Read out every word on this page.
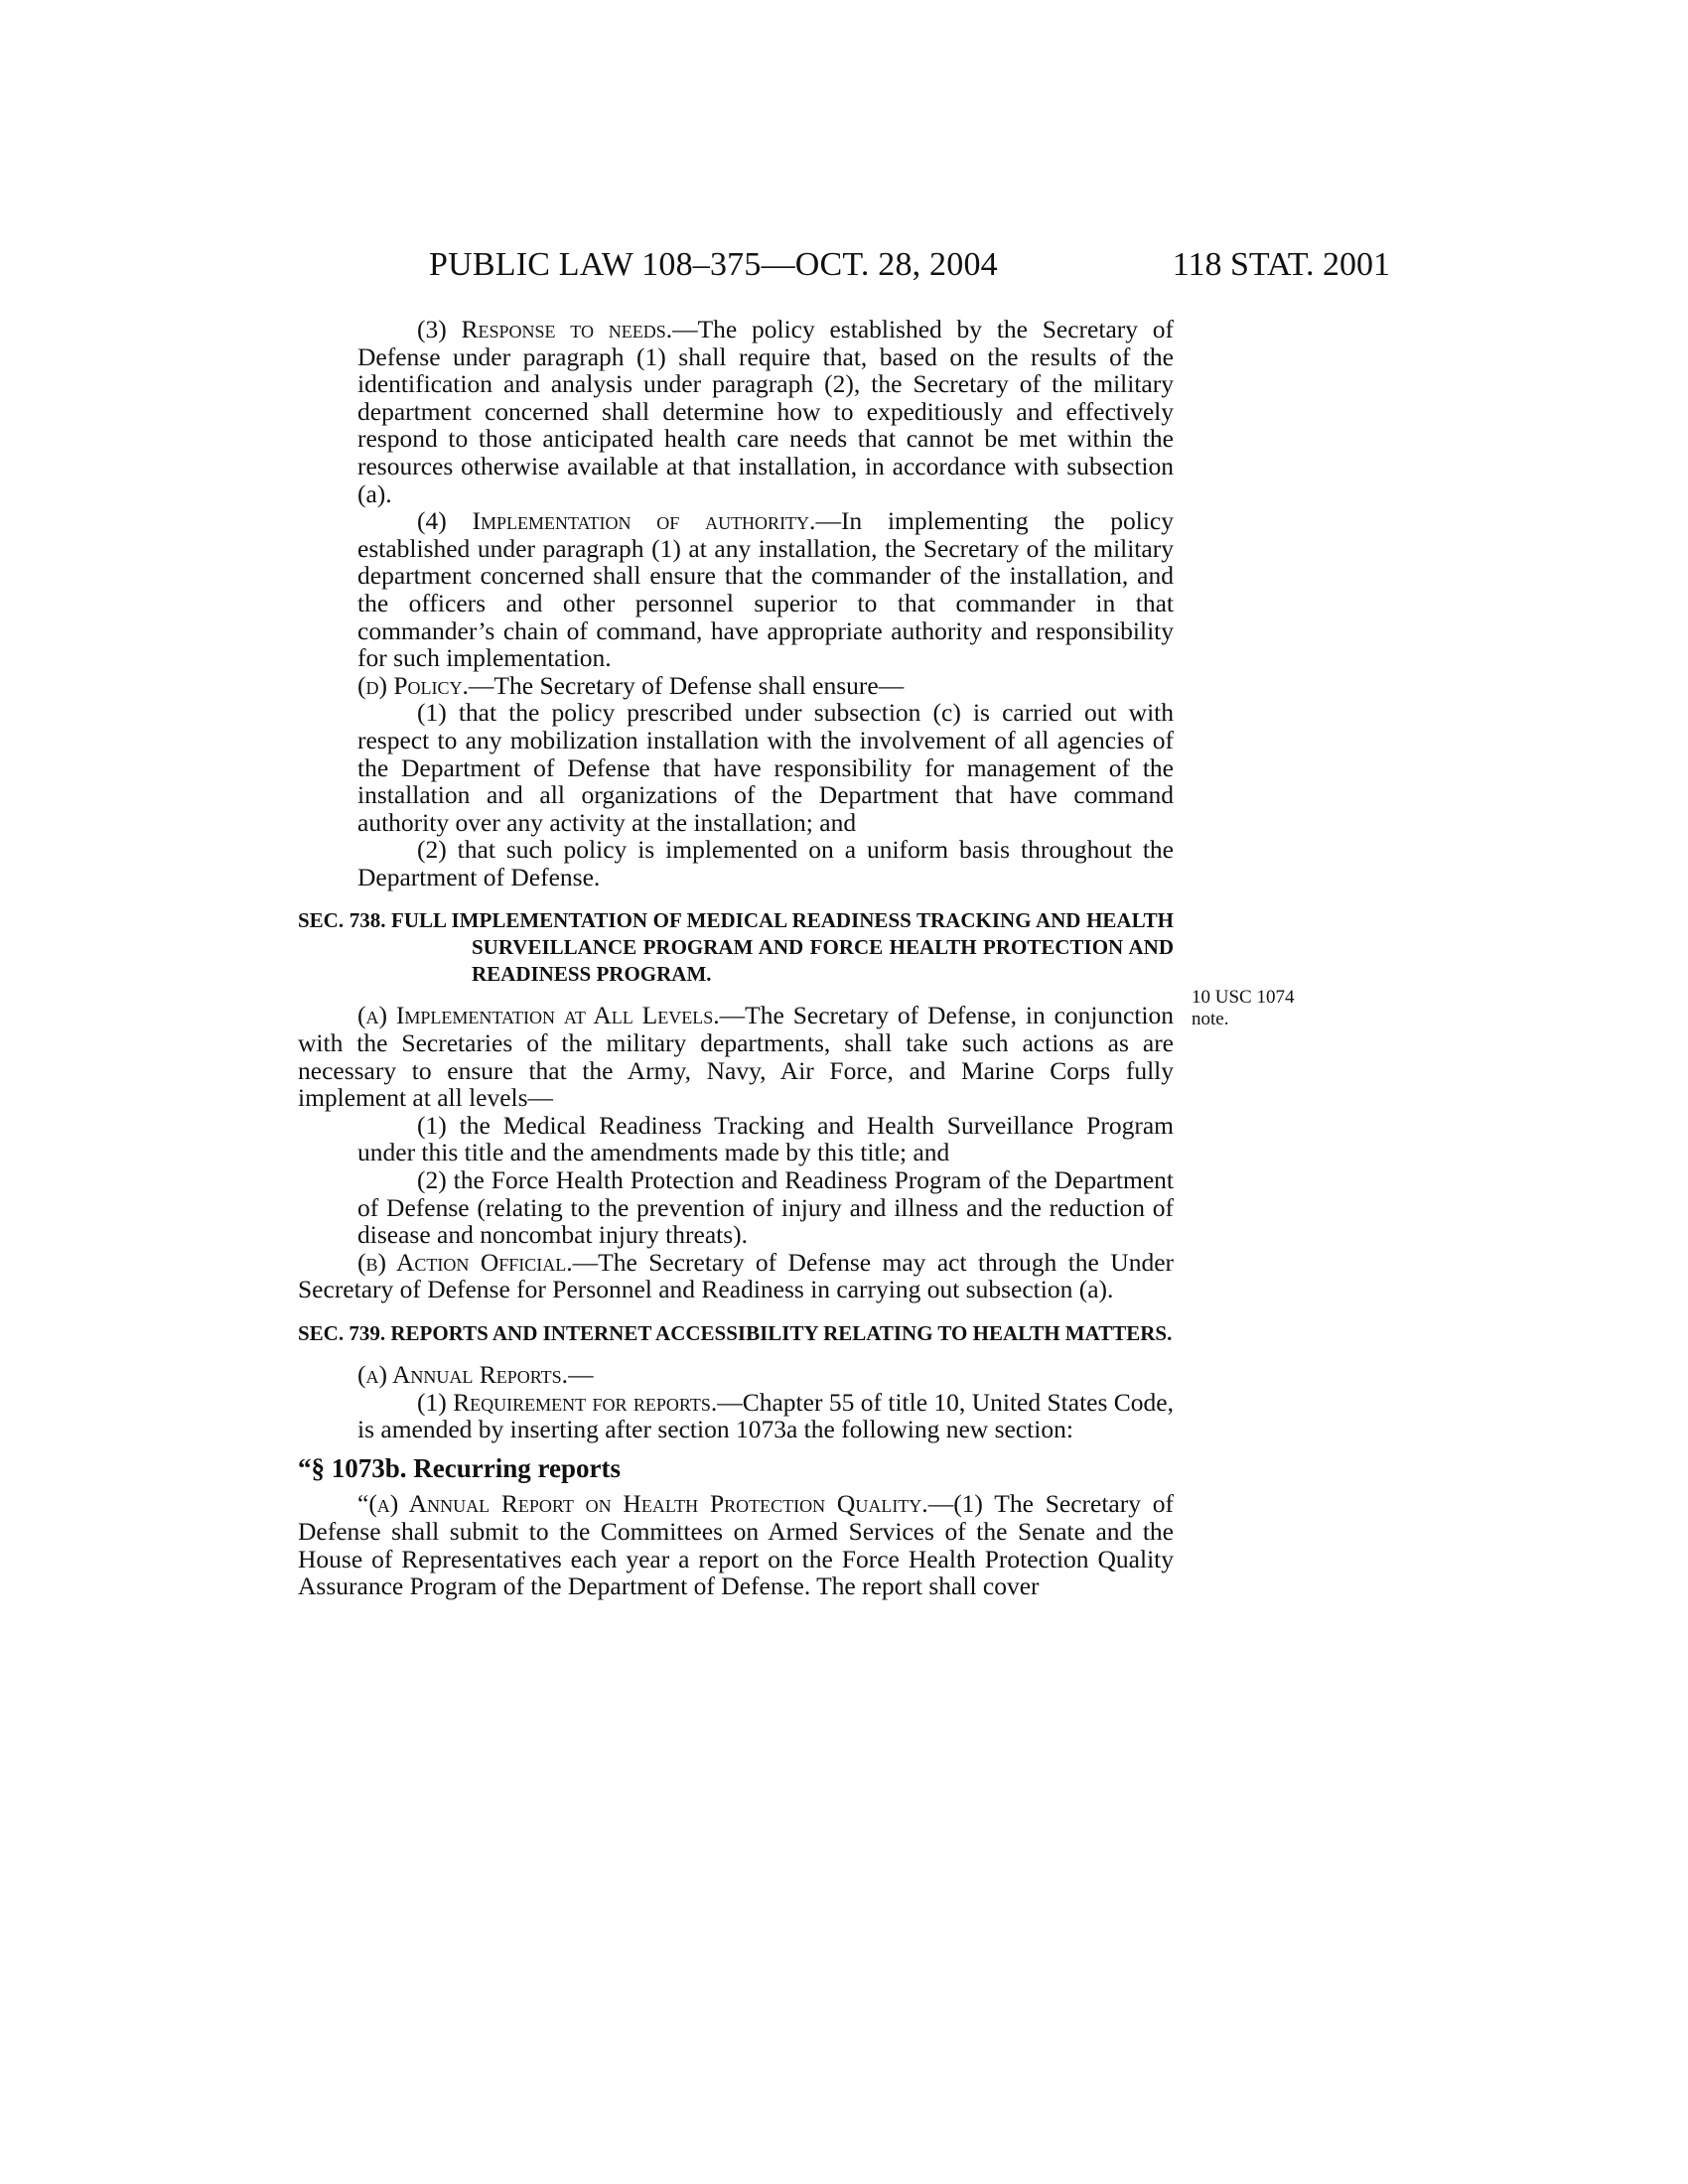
PUBLIC LAW 108–375—OCT. 28, 2004	118 STAT. 2001

(3) Response to needs.—The policy established by the Secretary of Defense under paragraph (1) shall require that, based on the results of the identification and analysis under paragraph (2), the Secretary of the military department concerned shall determine how to expeditiously and effectively respond to those anticipated health care needs that cannot be met within the resources otherwise available at that installation, in accordance with subsection (a).

(4) Implementation of authority.—In implementing the policy established under paragraph (1) at any installation, the Secretary of the military department concerned shall ensure that the commander of the installation, and the officers and other personnel superior to that commander in that commander’s chain of command, have appropriate authority and responsibility for such implementation.

(d) Policy.—The Secretary of Defense shall ensure—

(1) that the policy prescribed under subsection (c) is carried out with respect to any mobilization installation with the involvement of all agencies of the Department of Defense that have responsibility for management of the installation and all organizations of the Department that have command authority over any activity at the installation; and

(2) that such policy is implemented on a uniform basis throughout the Department of Defense.

SEC. 738. FULL IMPLEMENTATION OF MEDICAL READINESS TRACKING AND HEALTH SURVEILLANCE PROGRAM AND FORCE HEALTH PROTECTION AND READINESS PROGRAM.

(a) Implementation at All Levels.—The Secretary of Defense, in conjunction with the Secretaries of the military departments, shall take such actions as are necessary to ensure that the Army, Navy, Air Force, and Marine Corps fully implement at all levels—

(1) the Medical Readiness Tracking and Health Surveillance Program under this title and the amendments made by this title; and

(2) the Force Health Protection and Readiness Program of the Department of Defense (relating to the prevention of injury and illness and the reduction of disease and noncombat injury threats).

(b) Action Official.—The Secretary of Defense may act through the Under Secretary of Defense for Personnel and Readiness in carrying out subsection (a).

SEC. 739. REPORTS AND INTERNET ACCESSIBILITY RELATING TO HEALTH MATTERS.

(a) Annual Reports.—

(1) Requirement for reports.—Chapter 55 of title 10, United States Code, is amended by inserting after section 1073a the following new section:

“§ 1073b. Recurring reports

“(a) Annual Report on Health Protection Quality.—(1) The Secretary of Defense shall submit to the Committees on Armed Services of the Senate and the House of Representatives each year a report on the Force Health Protection Quality Assurance Program of the Department of Defense. The report shall cover

10 USC 1074
note.
